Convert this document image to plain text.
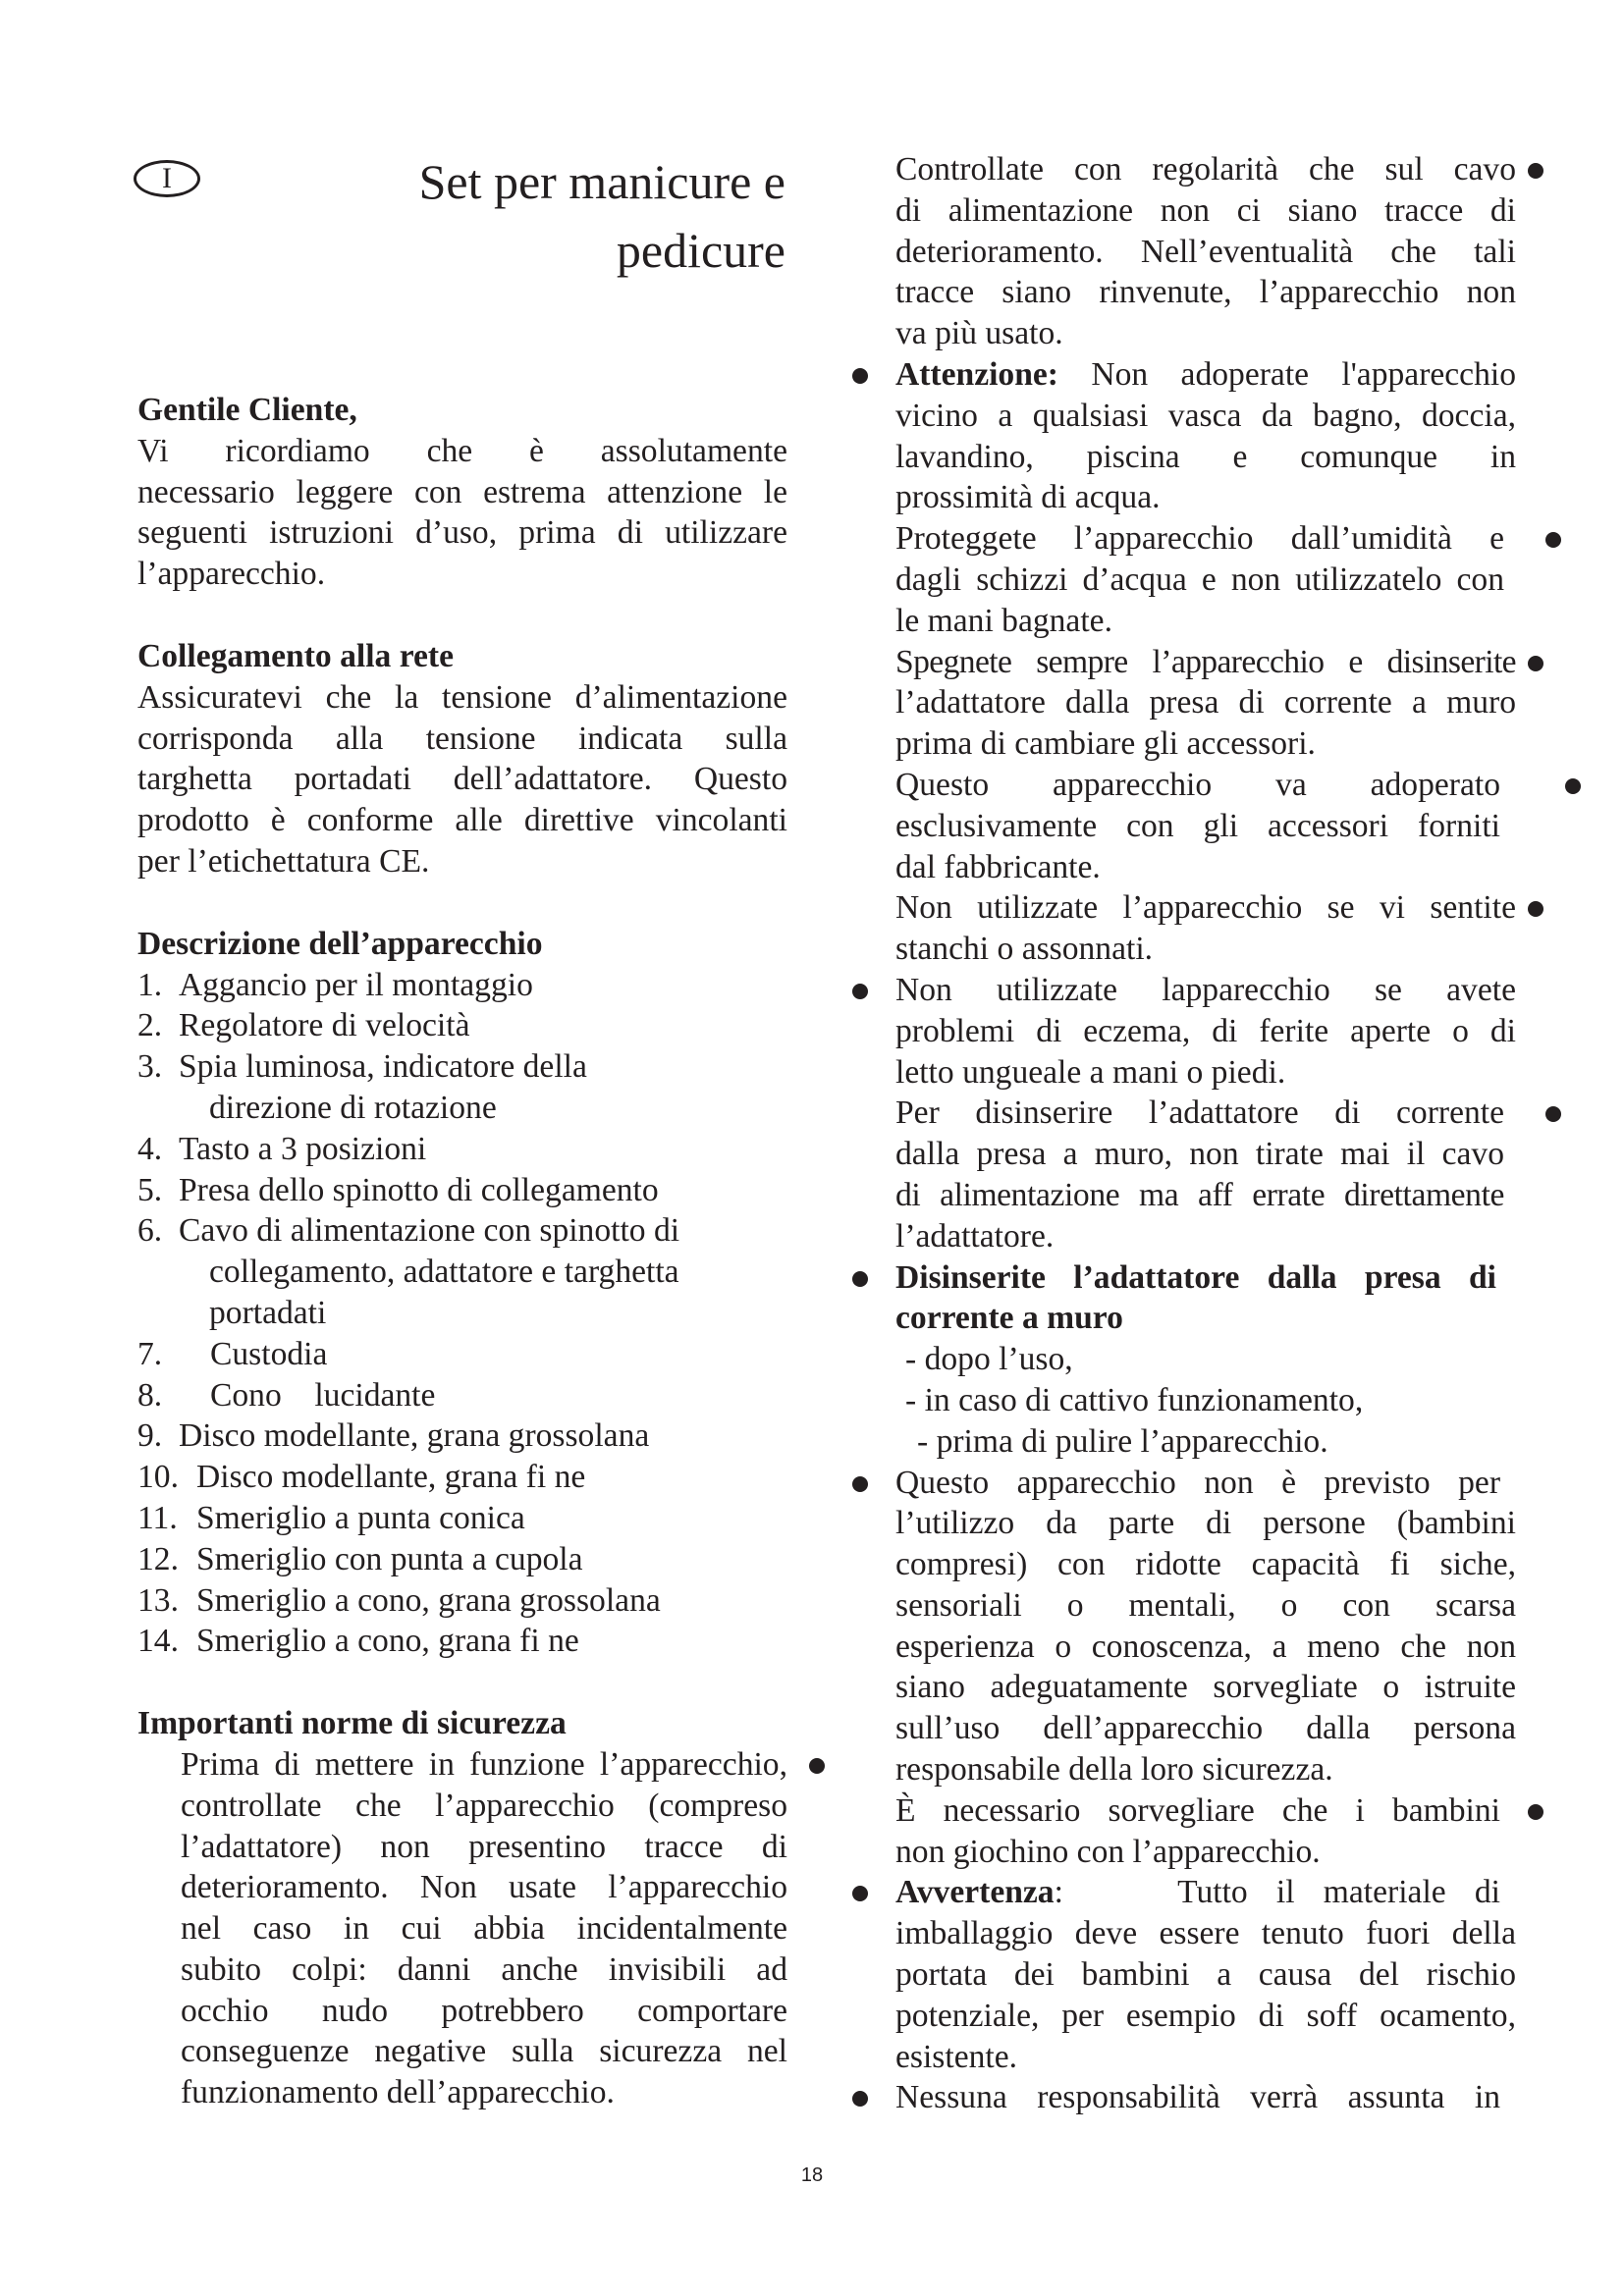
I	Set per manicure e
pedicure
Gentile Cliente,
Vi ricordiamo che è assolutamente
necessario leggere con estrema attenzione le
seguenti istruzioni d’uso, prima di utilizzare
l’apparecchio.
Collegamento alla rete
Assicuratevi che la tensione d’alimentazione
corrisponda alla tensione indicata sulla
targhetta portadati dell’adattatore. Questo
prodotto è conforme alle direttive vincolanti
per l’etichettatura CE.
Descrizione dell’apparecchio
1. Aggancio per il montaggio
2. Regolatore di velocità
3. Spia luminosa, indicatore della
direzione di rotazione
4. Tasto a 3 posizioni
5. Presa dello spinotto di collegamento
6. Cavo di alimentazione con spinotto di
collegamento, adattatore e targhetta
portadati
7.	Custodia
8.	Cono    lucidante
9. Disco modellante, grana grossolana
10. Disco modellante, grana fi ne
11. Smeriglio a punta conica
12. Smeriglio con punta a cupola
13. Smeriglio a cono, grana grossolana
14. Smeriglio a cono, grana fi ne
Importanti norme di sicurezza
Prima di mettere in funzione l’apparecchio,
controllate che l’apparecchio (compreso
l’adattatore) non presentino tracce di
deterioramento. Non usate l’apparecchio
nel caso in cui abbia incidentalmente
subito colpi: danni anche invisibili ad
occhio nudo potrebbero comportare
conseguenze negative sulla sicurezza nel
funzionamento dell’apparecchio.
Controllate con regolarità che sul cavo
di alimentazione non ci siano tracce di
deterioramento. Nell’eventualità che tali
tracce siano rinvenute, l’apparecchio non
va più usato.
Attenzione: Non adoperate l'apparecchio
vicino a qualsiasi vasca da bagno, doccia,
lavandino, piscina e comunque in
prossimità di acqua.
Proteggete l’apparecchio dall’umidità e
dagli schizzi d’acqua e non utilizzatelo con
le mani bagnate.
Spegnete sempre l’apparecchio e disinserite
l’adattatore dalla presa di corrente a muro
prima di cambiare gli accessori.
Questo apparecchio va adoperato
esclusivamente con gli accessori forniti
dal fabbricante.
Non utilizzate l’apparecchio se vi sentite
stanchi o assonnati.
Non utilizzate lapparecchio se avete
problemi di eczema, di ferite aperte o di
letto ungueale a mani o piedi.
Per disinserire l’adattatore di corrente
dalla presa a muro, non tirate mai il cavo
di alimentazione ma aff errate direttamente
l’adattatore.
Disinserite l’adattatore dalla presa di
corrente a muro
- dopo l’uso,
- in caso di cattivo funzionamento,
- prima di pulire l’apparecchio.
Questo apparecchio non è previsto per
l’utilizzo da parte di persone (bambini
compresi) con ridotte capacità fi siche,
sensoriali o mentali, o con scarsa
esperienza o conoscenza, a meno che non
siano adeguatamente sorvegliate o istruite
sull’uso dell’apparecchio dalla persona
responsabile della loro sicurezza.
È necessario sorvegliare che i bambini
non giochino con l’apparecchio.
Avvertenza:    Tutto il materiale di
imballaggio deve essere tenuto fuori della
portata dei bambini a causa del rischio
potenziale, per esempio di soff ocamento,
esistente.
Nessuna responsabilità verrà assunta in
18
